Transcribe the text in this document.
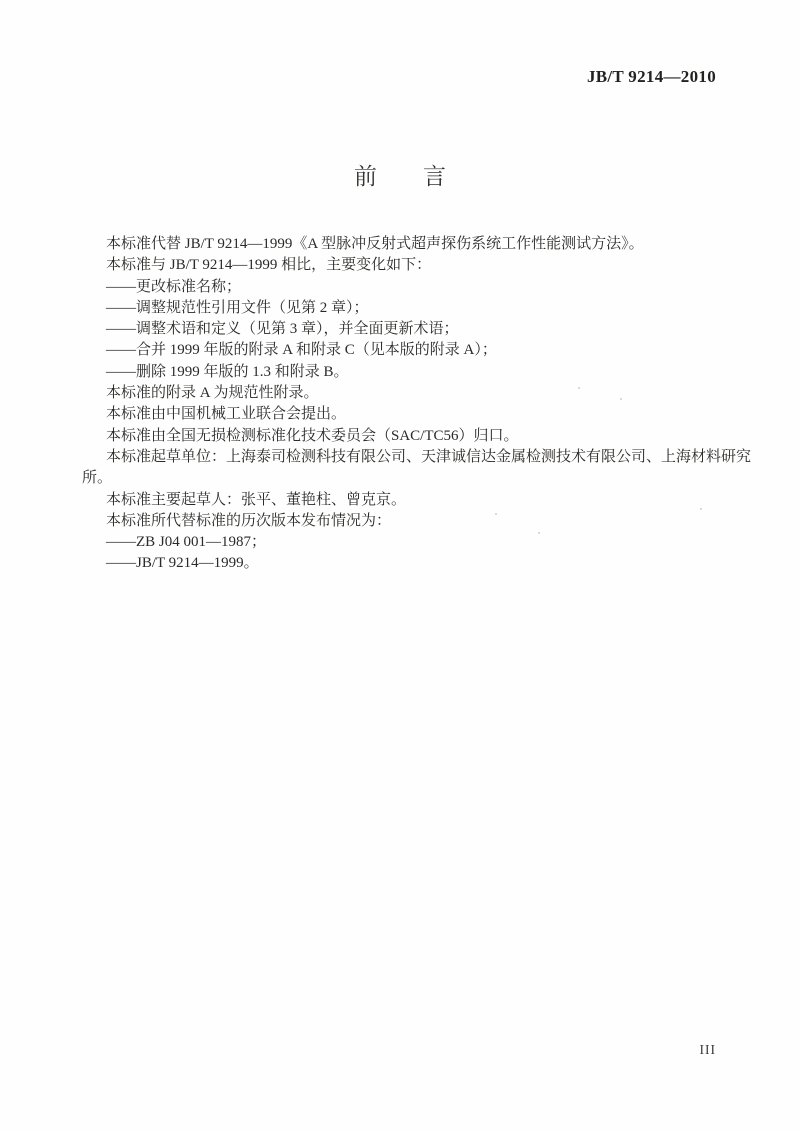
JB/T 9214—2010
前　　言
本标准代替 JB/T 9214—1999《A 型脉冲反射式超声探伤系统工作性能测试方法》。
本标准与 JB/T 9214—1999 相比，主要变化如下：
——更改标准名称；
——调整规范性引用文件（见第 2 章）；
——调整术语和定义（见第 3 章），并全面更新术语；
——合并 1999 年版的附录 A 和附录 C（见本版的附录 A）；
——删除 1999 年版的 1.3 和附录 B。
本标准的附录 A 为规范性附录。
本标准由中国机械工业联合会提出。
本标准由全国无损检测标准化技术委员会（SAC/TC56）归口。
本标准起草单位：上海泰司检测科技有限公司、天津诚信达金属检测技术有限公司、上海材料研究
所。
本标准主要起草人：张平、董艳柱、曾克京。
本标准所代替标准的历次版本发布情况为：
——ZB J04 001—1987；
——JB/T 9214—1999。
III
